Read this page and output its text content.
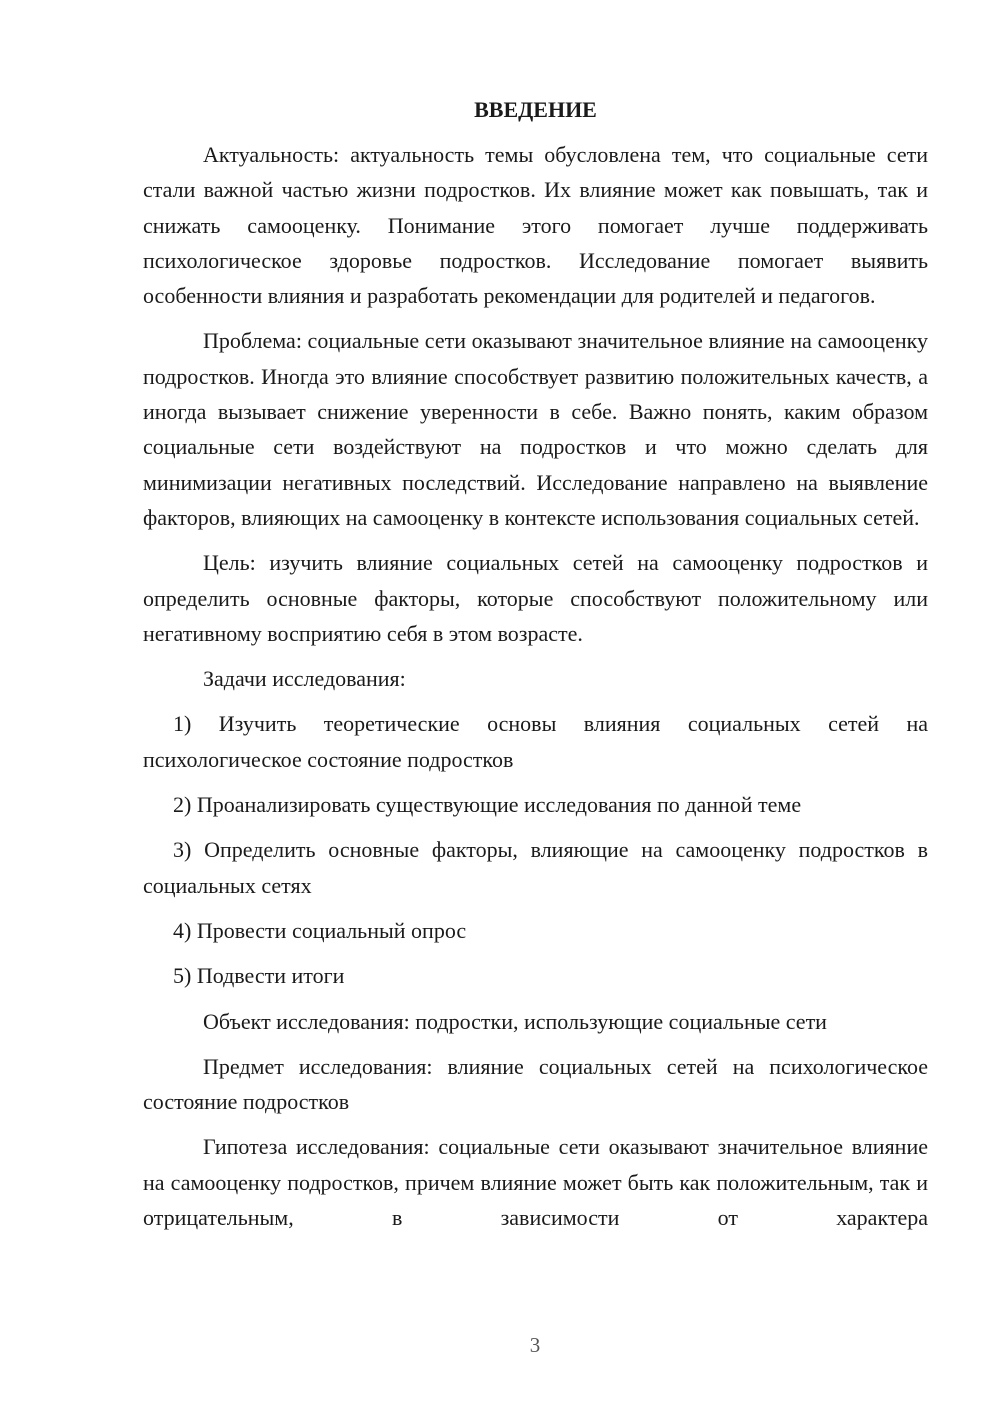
ВВЕДЕНИЕ

Актуальность: актуальность темы обусловлена тем, что социальные сети стали важной частью жизни подростков. Их влияние может как повышать, так и снижать самооценку. Понимание этого помогает лучше поддерживать психологическое здоровье подростков. Исследование помогает выявить особенности влияния и разработать рекомендации для родителей и педагогов.

Проблема: социальные сети оказывают значительное влияние на самооценку подростков. Иногда это влияние способствует развитию положительных качеств, а иногда вызывает снижение уверенности в себе. Важно понять, каким образом социальные сети воздействуют на подростков и что можно сделать для минимизации негативных последствий. Исследование направлено на выявление факторов, влияющих на самооценку в контексте использования социальных сетей.

Цель: изучить влияние социальных сетей на самооценку подростков и определить основные факторы, которые способствуют положительному или негативному восприятию себя в этом возрасте.

Задачи исследования:

1) Изучить теоретические основы влияния социальных сетей на психологическое состояние подростков

2) Проанализировать существующие исследования по данной теме

3) Определить основные факторы, влияющие на самооценку подростков в социальных сетях

4) Провести социальный опрос

5) Подвести итоги

Объект исследования: подростки, использующие социальные сети

Предмет исследования: влияние социальных сетей на психологическое состояние подростков

Гипотеза исследования: социальные сети оказывают значительное влияние на самооценку подростков, причем влияние может быть как положительным, так и отрицательным, в зависимости от характера

3
